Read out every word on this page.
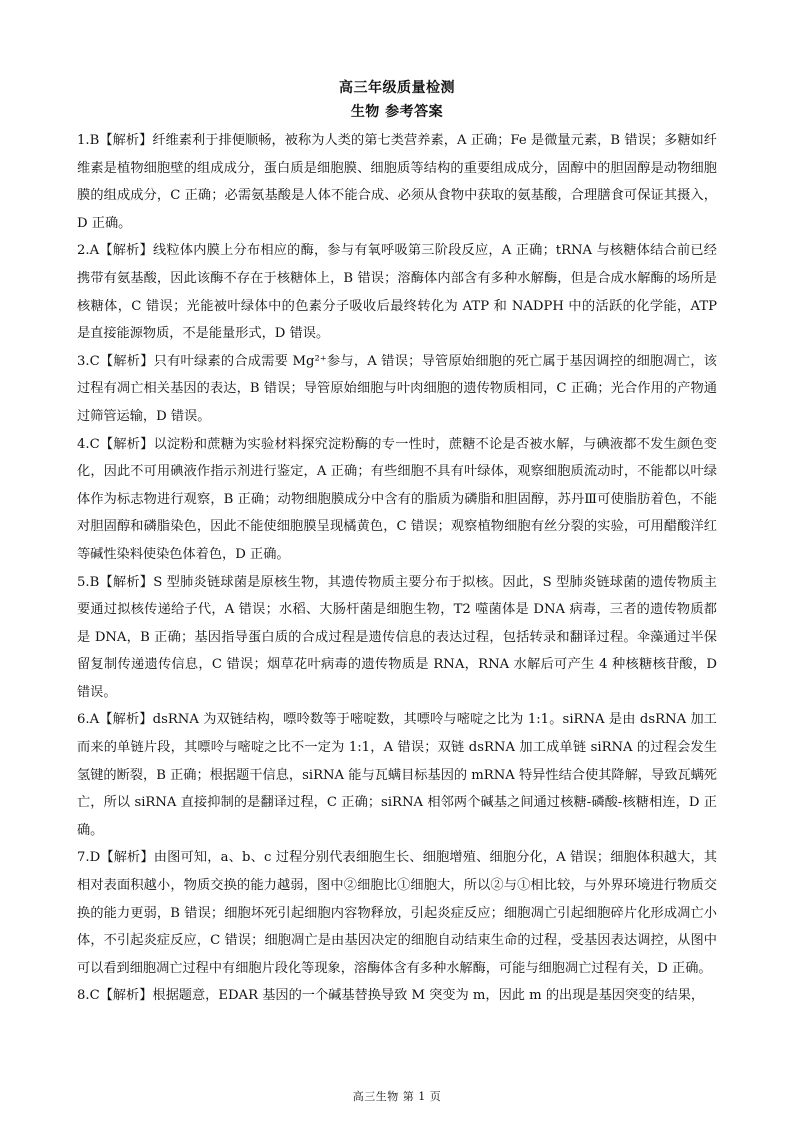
高三年级质量检测
生物 参考答案

1.B【解析】纤维素利于排便顺畅，被称为人类的第七类营养素，A 正确；Fe 是微量元素，B 错误；多糖如纤维素是植物细胞壁的组成成分，蛋白质是细胞膜、细胞质等结构的重要组成成分，固醇中的胆固醇是动物细胞膜的组成成分，C 正确；必需氨基酸是人体不能合成、必须从食物中获取的氨基酸，合理膳食可保证其摄入，D 正确。

2.A【解析】线粒体内膜上分布相应的酶，参与有氧呼吸第三阶段反应，A 正确；tRNA 与核糖体结合前已经携带有氨基酸，因此该酶不存在于核糖体上，B 错误；溶酶体内部含有多种水解酶，但是合成水解酶的场所是核糖体，C 错误；光能被叶绿体中的色素分子吸收后最终转化为 ATP 和 NADPH 中的活跃的化学能，ATP 是直接能源物质，不是能量形式，D 错误。

3.C【解析】只有叶绿素的合成需要 Mg²⁺参与，A 错误；导管原始细胞的死亡属于基因调控的细胞凋亡，该过程有凋亡相关基因的表达，B 错误；导管原始细胞与叶肉细胞的遗传物质相同，C 正确；光合作用的产物通过筛管运输，D 错误。

4.C【解析】以淀粉和蔗糖为实验材料探究淀粉酶的专一性时，蔗糖不论是否被水解，与碘液都不发生颜色变化，因此不可用碘液作指示剂进行鉴定，A 正确；有些细胞不具有叶绿体，观察细胞质流动时，不能都以叶绿体作为标志物进行观察，B 正确；动物细胞膜成分中含有的脂质为磷脂和胆固醇，苏丹Ⅲ可使脂肪着色，不能对胆固醇和磷脂染色，因此不能使细胞膜呈现橘黄色，C 错误；观察植物细胞有丝分裂的实验，可用醋酸洋红等碱性染料使染色体着色，D 正确。

5.B【解析】S 型肺炎链球菌是原核生物，其遗传物质主要分布于拟核。因此，S 型肺炎链球菌的遗传物质主要通过拟核传递给子代，A 错误；水稻、大肠杆菌是细胞生物，T2 噬菌体是 DNA 病毒，三者的遗传物质都是 DNA，B 正确；基因指导蛋白质的合成过程是遗传信息的表达过程，包括转录和翻译过程。伞藻通过半保留复制传递遗传信息，C 错误；烟草花叶病毒的遗传物质是 RNA，RNA 水解后可产生 4 种核糖核苷酸，D 错误。

6.A【解析】dsRNA 为双链结构，嘌呤数等于嘧啶数，其嘌呤与嘧啶之比为 1:1。siRNA 是由 dsRNA 加工而来的单链片段，其嘌呤与嘧啶之比不一定为 1:1，A 错误；双链 dsRNA 加工成单链 siRNA 的过程会发生氢键的断裂，B 正确；根据题干信息，siRNA 能与瓦螨目标基因的 mRNA 特异性结合使其降解，导致瓦螨死亡，所以 siRNA 直接抑制的是翻译过程，C 正确；siRNA 相邻两个碱基之间通过核糖-磷酸-核糖相连，D 正确。

7.D【解析】由图可知，a、b、c 过程分别代表细胞生长、细胞增殖、细胞分化，A 错误；细胞体积越大，其相对表面积越小，物质交换的能力越弱，图中②细胞比①细胞大，所以②与①相比较，与外界环境进行物质交换的能力更弱，B 错误；细胞坏死引起细胞内容物释放，引起炎症反应；细胞凋亡引起细胞碎片化形成凋亡小体，不引起炎症反应，C 错误；细胞凋亡是由基因决定的细胞自动结束生命的过程，受基因表达调控，从图中可以看到细胞凋亡过程中有细胞片段化等现象，溶酶体含有多种水解酶，可能与细胞凋亡过程有关，D 正确。

8.C【解析】根据题意，EDAR 基因的一个碱基替换导致 M 突变为 m，因此 m 的出现是基因突变的结果，

高三生物 第 1 页
